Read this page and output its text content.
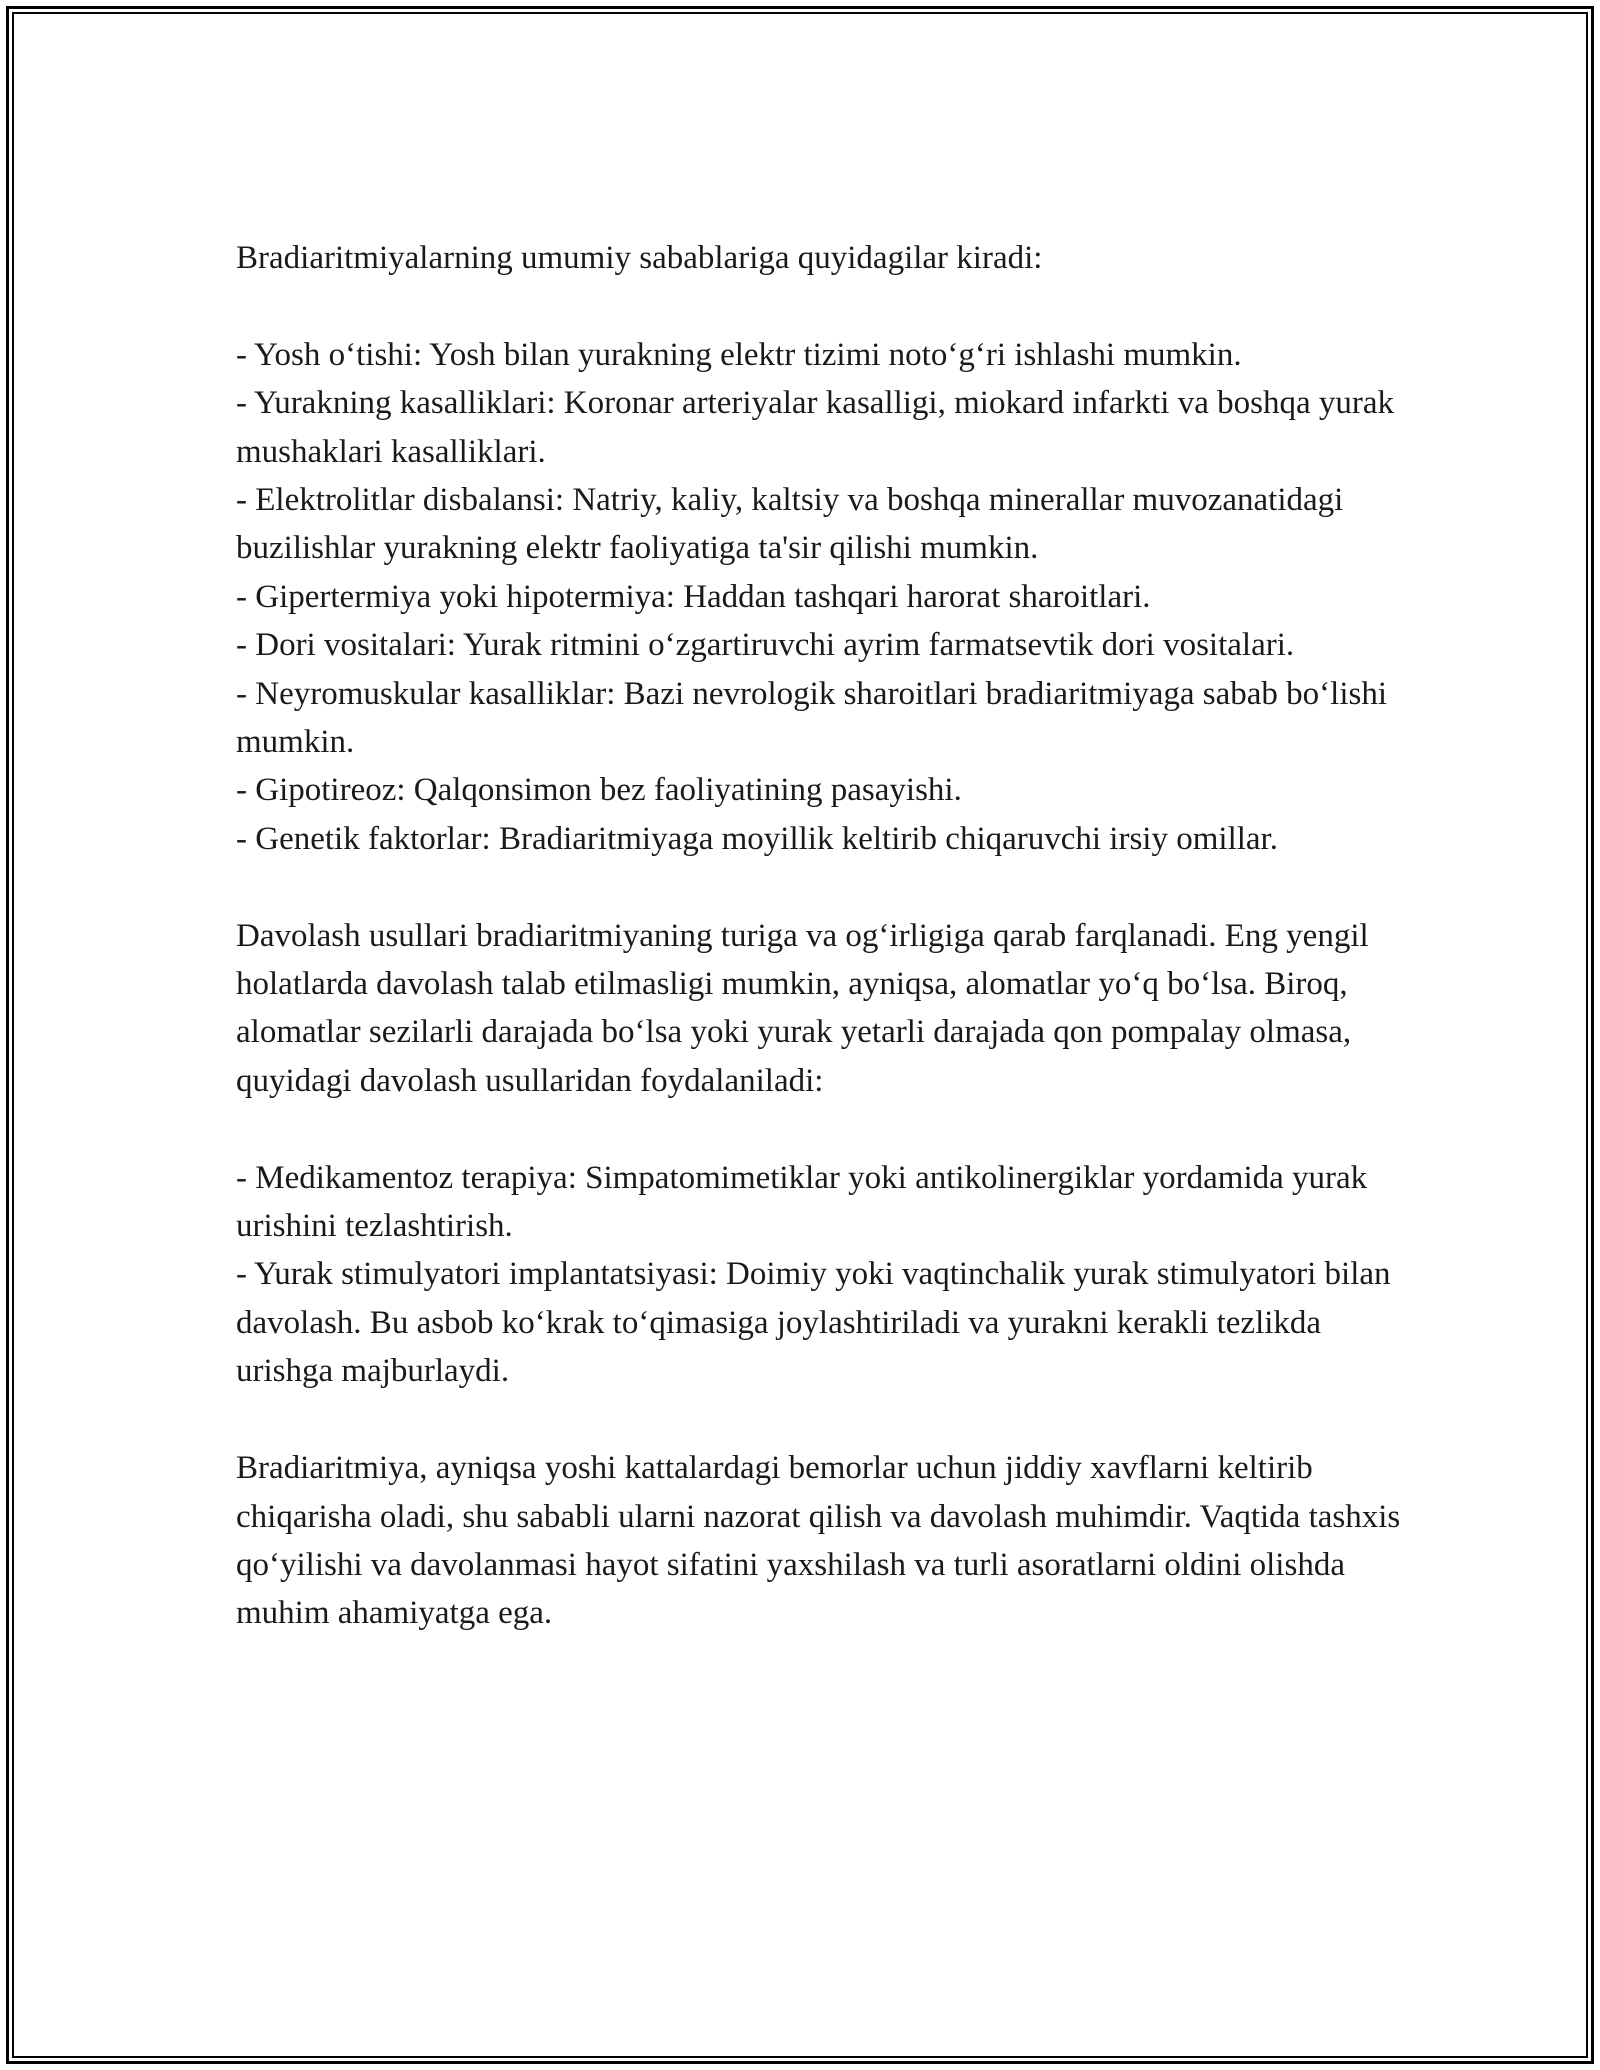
Bradiaritmiyalarning umumiy sabablariga quyidagilar kiradi:

- Yosh o‘tishi: Yosh bilan yurakning elektr tizimi noto‘g‘ri ishlashi mumkin.

- Yurakning kasalliklari: Koronar arteriyalar kasalligi, miokard infarkti va boshqa yurak mushaklari kasalliklari.

- Elektrolitlar disbalansi: Natriy, kaliy, kaltsiy va boshqa minerallar muvozanatidagi buzilishlar yurakning elektr faoliyatiga ta'sir qilishi mumkin.

- Gipertermiya yoki hipotermiya: Haddan tashqari harorat sharoitlari.

- Dori vositalari: Yurak ritmini o‘zgartiruvchi ayrim farmatsevtik dori vositalari.

- Neyromuskular kasalliklar: Bazi nevrologik sharoitlari bradiaritmiyaga sabab bo‘lishi mumkin.

- Gipotireoz: Qalqonsimon bez faoliyatining pasayishi.

- Genetik faktorlar: Bradiaritmiyaga moyillik keltirib chiqaruvchi irsiy omillar.

Davolash usullari bradiaritmiyaning turiga va og‘irligiga qarab farqlanadi. Eng yengil holatlarda davolash talab etilmasligi mumkin, ayniqsa, alomatlar yo‘q bo‘lsa. Biroq, alomatlar sezilarli darajada bo‘lsa yoki yurak yetarli darajada qon pompalay olmasa, quyidagi davolash usullaridan foydalaniladi:

- Medikamentoz terapiya: Simpatomimetiklar yoki antikolinergiklar yordamida yurak urishini tezlashtirish.

- Yurak stimulyatori implantatsiyasi: Doimiy yoki vaqtinchalik yurak stimulyatori bilan davolash. Bu asbob ko‘krak to‘qimasiga joylashtiriladi va yurakni kerakli tezlikda urishga majburlaydi.

Bradiaritmiya, ayniqsa yoshi kattalardagi bemorlar uchun jiddiy xavflarni keltirib chiqarisha oladi, shu sababli ularni nazorat qilish va davolash muhimdir. Vaqtida tashxis qo‘yilishi va davolanmasi hayot sifatini yaxshilash va turli asoratlarni oldini olishda muhim ahamiyatga ega.
